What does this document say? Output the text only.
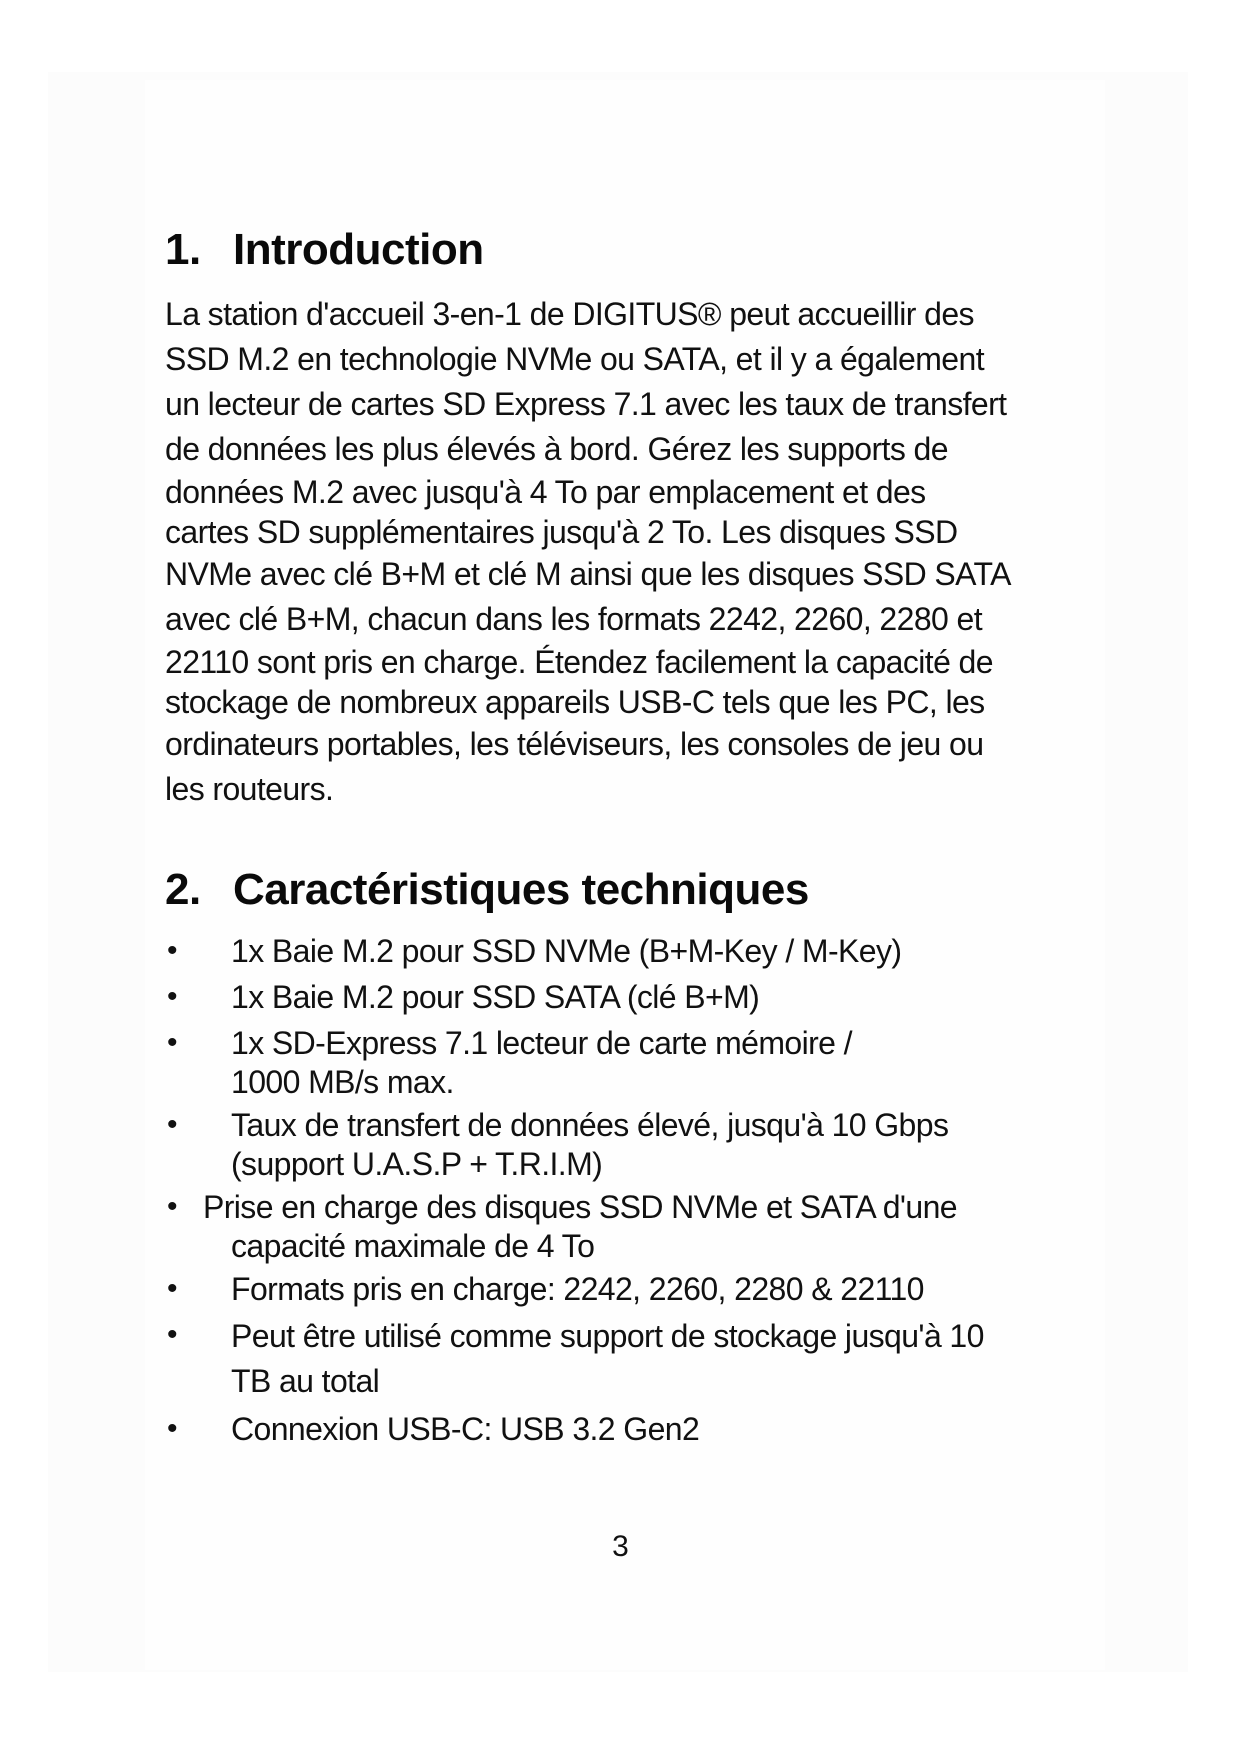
1. Introduction

La station d'accueil 3-en-1 de DIGITUS® peut accueillir des
SSD M.2 en technologie NVMe ou SATA, et il y a également
un lecteur de cartes SD Express 7.1 avec les taux de transfert
de données les plus élevés à bord. Gérez les supports de
données M.2 avec jusqu'à 4 To par emplacement et des
cartes SD supplémentaires jusqu'à 2 To. Les disques SSD
NVMe avec clé B+M et clé M ainsi que les disques SSD SATA
avec clé B+M, chacun dans les formats 2242, 2260, 2280 et
22110 sont pris en charge. Étendez facilement la capacité de
stockage de nombreux appareils USB-C tels que les PC, les
ordinateurs portables, les téléviseurs, les consoles de jeu ou
les routeurs.

2. Caractéristiques techniques
• 1x Baie M.2 pour SSD NVMe (B+M-Key / M-Key)
• 1x Baie M.2 pour SSD SATA (clé B+M)
• 1x SD-Express 7.1 lecteur de carte mémoire /
1000 MB/s max.
• Taux de transfert de données élevé, jusqu'à 10 Gbps
(support U.A.S.P + T.R.I.M)
• Prise en charge des disques SSD NVMe et SATA d'une
capacité maximale de 4 To
• Formats pris en charge: 2242, 2260, 2280 & 22110
• Peut être utilisé comme support de stockage jusqu'à 10
TB au total
• Connexion USB-C: USB 3.2 Gen2
3
